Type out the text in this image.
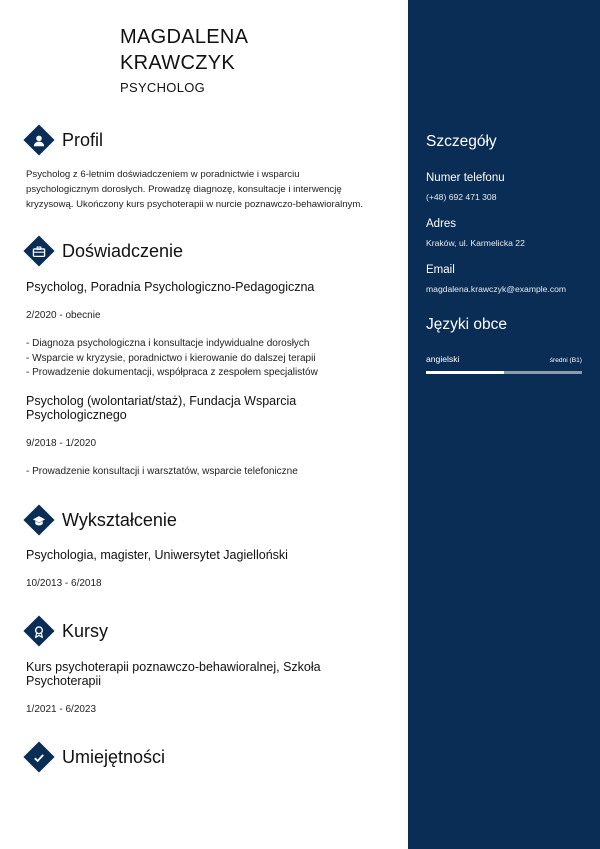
MAGDALENA
KRAWCZYK
PSYCHOLOG
Profil
Psycholog z 6-letnim doświadczeniem w poradnictwie i wsparciu
psychologicznym dorosłych. Prowadzę diagnozę, konsultacje i interwencję
kryzysową. Ukończony kurs psychoterapii w nurcie poznawczo-behawioralnym.
Doświadczenie
Psycholog, Poradnia Psychologiczno-Pedagogiczna
2/2020 - obecnie
- Diagnoza psychologiczna i konsultacje indywidualne dorosłych
- Wsparcie w kryzysie, poradnictwo i kierowanie do dalszej terapii
- Prowadzenie dokumentacji, współpraca z zespołem specjalistów
Psycholog (wolontariat/staż), Fundacja Wsparcia
Psychologicznego
9/2018 - 1/2020
- Prowadzenie konsultacji i warsztatów, wsparcie telefoniczne
Wykształcenie
Psychologia, magister, Uniwersytet Jagielloński
10/2013 - 6/2018
Kursy
Kurs psychoterapii poznawczo-behawioralnej, Szkoła
Psychoterapii
1/2021 - 6/2023
Umiejętności
Szczegóły
Numer telefonu
(+48) 692 471 308
Adres
Kraków, ul. Karmelicka 22
Email
magdalena.krawczyk@example.com
Języki obce
angielski	średni (B1)
